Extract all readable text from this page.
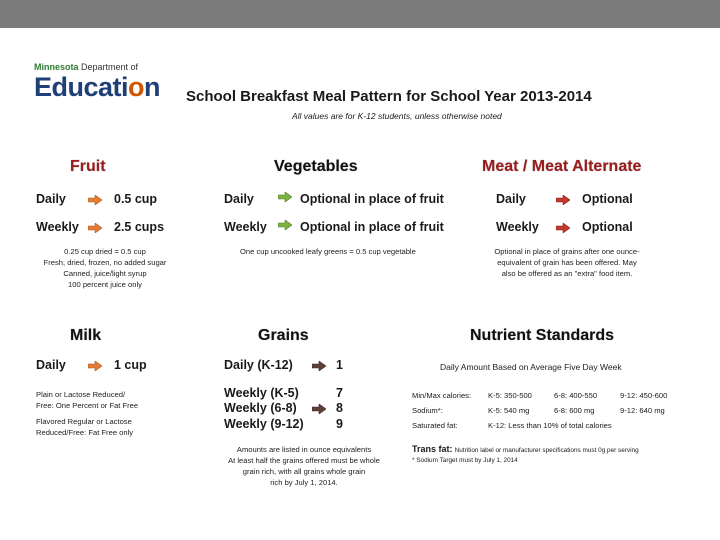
Minnesota Department of
Education School Breakfast Meal Pattern for School Year 2013-2014
All values are for K-12 students, unless otherwise noted
Fruit
Daily	0.5 cup
Weekly	2.5 cups
0.25 cup dried = 0.5 cup
Fresh, dried, frozen, no added sugar
Canned, juice/light syrup
100 percent juice only
Vegetables
Daily	Optional in place of fruit
Weekly	Optional in place of fruit
One cup uncooked leafy greens = 0.5 cup vegetable
Meat / Meat Alternate
Daily	Optional
Weekly	Optional
Optional in place of grains after one ounce-
equivalent of grain has been offered. May
also be offered as an "extra" food item.
Milk
Daily	1 cup
Plain or Lactose Reduced/
Free: One Percent or Fat Free
Flavored Regular or Lactose
Reduced/Free: Fat Free only
Grains
Daily (K-12)	1
Weekly (K-5)	7
Weekly (6-8)	8
Weekly (9-12)	9
Amounts are listed in ounce equivalents
At least half the grains offered must be whole
grain rich, with all grains whole grain
rich by July 1, 2014.
Nutrient Standards
Daily Amount Based on Average Five Day Week
Min/Max calories: K-5: 350-500	6-8: 400-550	9-12: 450-600
Sodium*:	K-5: 540 mg	6-8: 600 mg	9-12: 640 mg
Saturated fat:	K-12: Less than 10% of total calories
Trans fat: Nutrition label or manufacturer specifications must 0g per serving
* Sodium Target must by July 1, 2014
